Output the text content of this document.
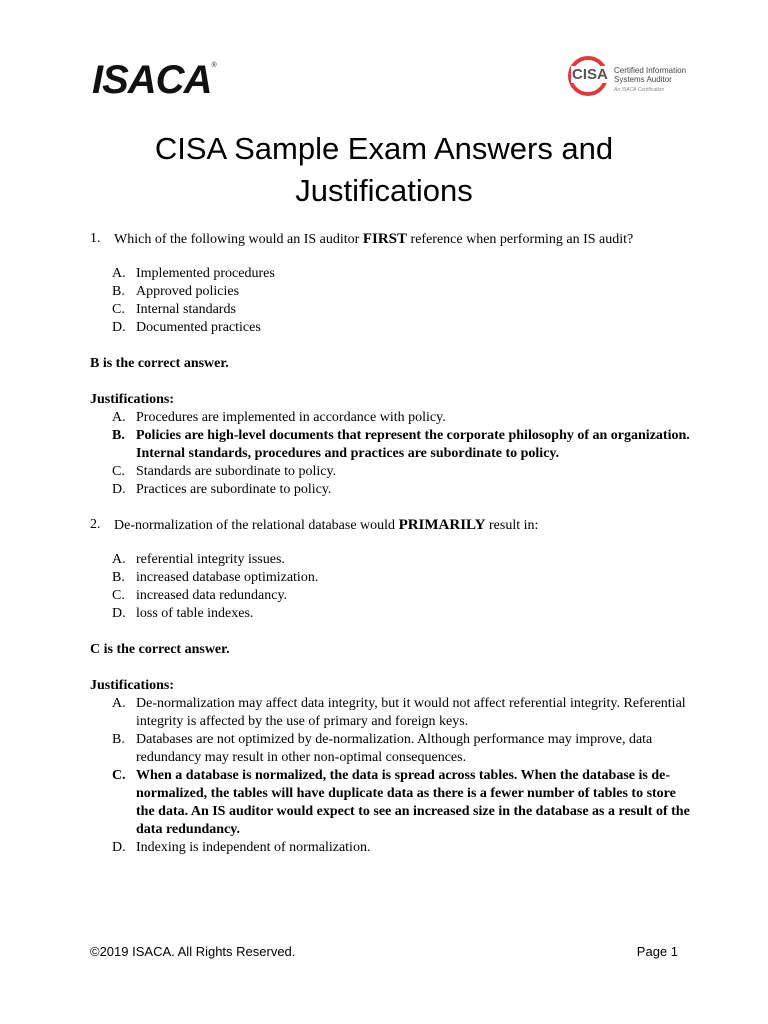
ISACA®
CISA Certified Information Systems Auditor
An ISACA Certification
CISA Sample Exam Answers and
Justifications
1. Which of the following would an IS auditor FIRST reference when performing an IS audit?
A. Implemented procedures
B. Approved policies
C. Internal standards
D. Documented practices
B is the correct answer.
Justifications:
A. Procedures are implemented in accordance with policy.
B. Policies are high-level documents that represent the corporate philosophy of an organization. Internal standards, procedures and practices are subordinate to policy.
C. Standards are subordinate to policy.
D. Practices are subordinate to policy.
2. De-normalization of the relational database would PRIMARILY result in:
A. referential integrity issues.
B. increased database optimization.
C. increased data redundancy.
D. loss of table indexes.
C is the correct answer.
Justifications:
A. De-normalization may affect data integrity, but it would not affect referential integrity. Referential integrity is affected by the use of primary and foreign keys.
B. Databases are not optimized by de-normalization. Although performance may improve, data redundancy may result in other non-optimal consequences.
C. When a database is normalized, the data is spread across tables. When the database is de-normalized, the tables will have duplicate data as there is a fewer number of tables to store the data. An IS auditor would expect to see an increased size in the database as a result of the data redundancy.
D. Indexing is independent of normalization.
©2019 ISACA. All Rights Reserved.	Page 1
